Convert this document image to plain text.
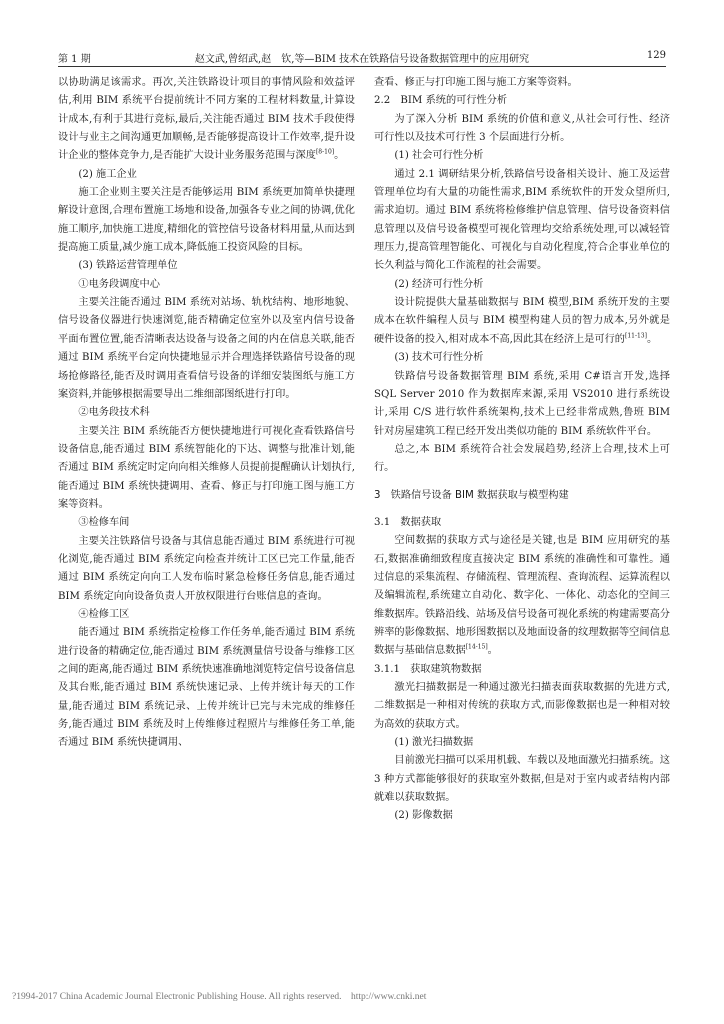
第 1 期	赵文武,曾绍武,赵　钦,等—BIM 技术在铁路信号设备数据管理中的应用研究	129

以协助满足该需求。再次,关注铁路设计项目的事情风险和效益评估,利用 BIM 系统平台提前统计不同方案的工程材料数量,计算设计成本,有利于其进行竞标,最后,关注能否通过 BIM 技术手段使得设计与业主之间沟通更加顺畅,是否能够提高设计工作效率,提升设计企业的整体竞争力,是否能扩大设计业务服务范围与深度[8-10]。

(2) 施工企业

施工企业则主要关注是否能够运用 BIM 系统更加简单快捷理解设计意图,合理布置施工场地和设备,加强各专业之间的协调,优化施工顺序,加快施工进度,精细化的管控信号设备材料用量,从而达到提高施工质量,减少施工成本,降低施工投资风险的目标。

(3) 铁路运营管理单位

①电务段调度中心

主要关注能否通过 BIM 系统对站场、轨枕结构、地形地貌、信号设备仪器进行快速浏览,能否精确定位室外以及室内信号设备平面布置位置,能否清晰表达设备与设备之间的内在信息关联,能否通过 BIM 系统平台定向快捷地显示并合理选择铁路信号设备的现场抢修路径,能否及时调用查看信号设备的详细安装图纸与施工方案资料,并能够根据需要导出二维细部图纸进行打印。

②电务段技术科

主要关注 BIM 系统能否方便快捷地进行可视化查看铁路信号设备信息,能否通过 BIM 系统智能化的下达、调整与批准计划,能否通过 BIM 系统定时定向向相关维修人员提前提醒确认计划执行,能否通过 BIM 系统快捷调用、查看、修正与打印施工图与施工方案等资料。

③检修车间

主要关注铁路信号设备与其信息能否通过 BIM 系统进行可视化浏览,能否通过 BIM 系统定向检查并统计工区已完工作量,能否通过 BIM 系统定向向工人发布临时紧急检修任务信息,能否通过 BIM 系统定向向设备负责人开放权限进行台账信息的查询。

④检修工区

能否通过 BIM 系统指定检修工作任务单,能否通过 BIM 系统进行设备的精确定位,能否通过 BIM 系统测量信号设备与维修工区之间的距离,能否通过 BIM 系统快速准确地浏览特定信号设备信息及其台账,能否通过 BIM 系统快速记录、上传并统计每天的工作量,能否通过 BIM 系统记录、上传并统计已完与未完成的维修任务,能否通过 BIM 系统及时上传维修过程照片与维修任务工单,能否通过 BIM 系统快捷调用、

查看、修正与打印施工图与施工方案等资料。

2.2　BIM 系统的可行性分析

为了深入分析 BIM 系统的价值和意义,从社会可行性、经济可行性以及技术可行性 3 个层面进行分析。

(1) 社会可行性分析

通过 2.1 调研结果分析,铁路信号设备相关设计、施工及运营管理单位均有大量的功能性需求,BIM 系统软件的开发众望所归,需求迫切。通过 BIM 系统将检修维护信息管理、信号设备资料信息管理以及信号设备模型可视化管理均交给系统处理,可以减轻管理压力,提高管理智能化、可视化与自动化程度,符合企事业单位的长久利益与简化工作流程的社会需要。

(2) 经济可行性分析

设计院提供大量基础数据与 BIM 模型,BIM 系统开发的主要成本在软件编程人员与 BIM 模型构建人员的智力成本,另外就是硬件设备的投入,相对成本不高,因此其在经济上是可行的[11-13]。

(3) 技术可行性分析

铁路信号设备数据管理 BIM 系统,采用 C#语言开发,选择 SQL Server 2010 作为数据库来源,采用 VS2010 进行系统设计,采用 C/S 进行软件系统架构,技术上已经非常成熟,鲁班 BIM 针对房屋建筑工程已经开发出类似功能的 BIM 系统软件平台。

总之,本 BIM 系统符合社会发展趋势,经济上合理,技术上可行。

3　铁路信号设备 BIM 数据获取与模型构建

3.1　数据获取

空间数据的获取方式与途径是关键,也是 BIM 应用研究的基石,数据准确细致程度直接决定 BIM 系统的准确性和可靠性。通过信息的采集流程、存储流程、管理流程、查询流程、运算流程以及编辑流程,系统建立自动化、数字化、一体化、动态化的空间三维数据库。铁路沿线、站场及信号设备可视化系统的构建需要高分辨率的影像数据、地形图数据以及地面设备的纹理数据等空间信息数据与基础信息数据[14-15]。

3.1.1　获取建筑物数据

激光扫描数据是一种通过激光扫描表面获取数据的先进方式,二维数据是一种相对传统的获取方式,而影像数据也是一种相对较为高效的获取方式。

(1) 激光扫描数据

目前激光扫描可以采用机载、车载以及地面激光扫描系统。这 3 种方式都能够很好的获取室外数据,但是对于室内或者结构内部就难以获取数据。

(2) 影像数据

?1994-2017 China Academic Journal Electronic Publishing House. All rights reserved.    http://www.cnki.net
